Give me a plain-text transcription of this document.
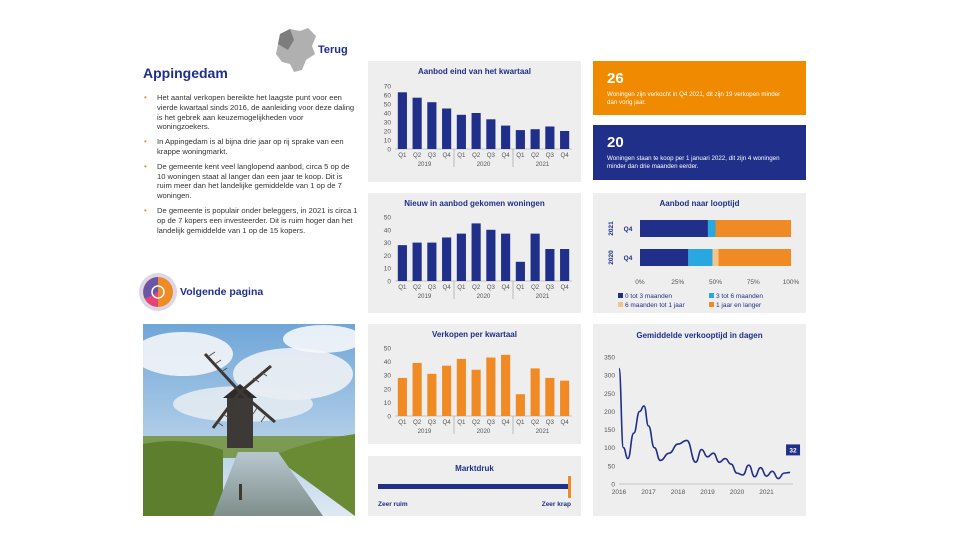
Terug
Appingedam
• Het aantal verkopen bereikte het laagste punt voor een vierde kwartaal sinds 2016, de aanleiding voor deze daling is het gebrek aan keuzemogelijkheden voor woningzoekers.
• In Appingedam is al bijna drie jaar op rij sprake van een krappe woningmarkt.
• De gemeente kent veel langlopend aanbod, circa 5 op de 10 woningen staat al langer dan een jaar te koop. Dit is ruim meer dan het landelijke gemiddelde van 1 op de 7 woningen.
• De gemeente is populair onder beleggers, in 2021 is circa 1 op de 7 kopers een investeerder. Dit is ruim hoger dan het landelijk gemiddelde van 1 op de 15 kopers.
Volgende pagina
Aanbod eind van het kwartaal
0
10
20
30
40
50
60
70
Q1 Q2 Q3 Q4 Q1 Q2 Q3 Q4 Q1 Q2 Q3 Q4
2019	2020	2021
Nieuw in aanbod gekomen woningen
0
10
20
30
40
50
Q1 Q2 Q3 Q4 Q1 Q2 Q3 Q4 Q1 Q2 Q3 Q4
2019	2020	2021
Verkopen per kwartaal
0
10
20
30
40
50
Q1 Q2 Q3 Q4 Q1 Q2 Q3 Q4 Q1 Q2 Q3 Q4
2019	2020	2021
Marktdruk
Zeer ruim	Zeer krap
26
Woningen zijn verkocht in Q4 2021, dit zijn 19 verkopen minder dan vorig jaar.
20
Woningen staan te koop per 1 januari 2022, dit zijn 4 woningen minder dan drie maanden eerder.
Aanbod naar looptijd
Q4
2021
Q4
2020
0%	25%	50%	75%	100%
0 tot 3 maanden	3 tot 6 maanden
6 maanden tot 1 jaar	1 jaar en langer
Gemiddelde verkooptijd in dagen
0
50
100
150
200
250
300
350
2016 2017 2018 2019 2020 2021
32
